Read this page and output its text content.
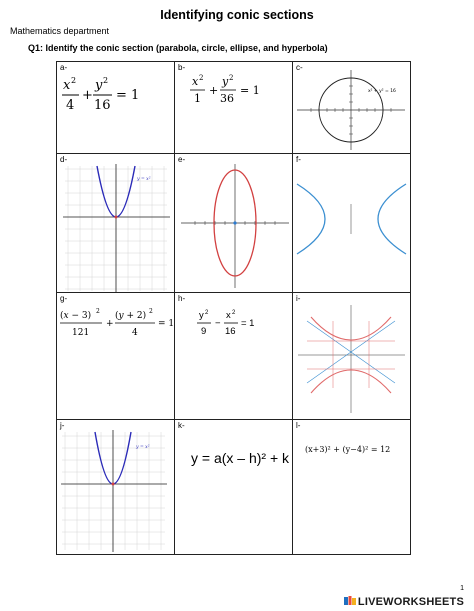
Identifying conic sections
Mathematics department
Q1: Identify the conic section (parabola, circle, ellipse, and hyperbola)
a-
x 2
4
+
y 2
16
= 1
b-
x 2
1
+
y 2
36
= 1
c-
x² + y² = 16
d-
y = x²
e-	f-
g-
(x − 3) 2
121
+
(y + 2) 2
4
= 1
h-
y 2
9
−
x 2
16
= 1
i-
j-
y = x²
k-
y = a(x – h)² + k
l-
(x+3)² + (y−4)² = 12
1
LIVEWORKSHEETS
